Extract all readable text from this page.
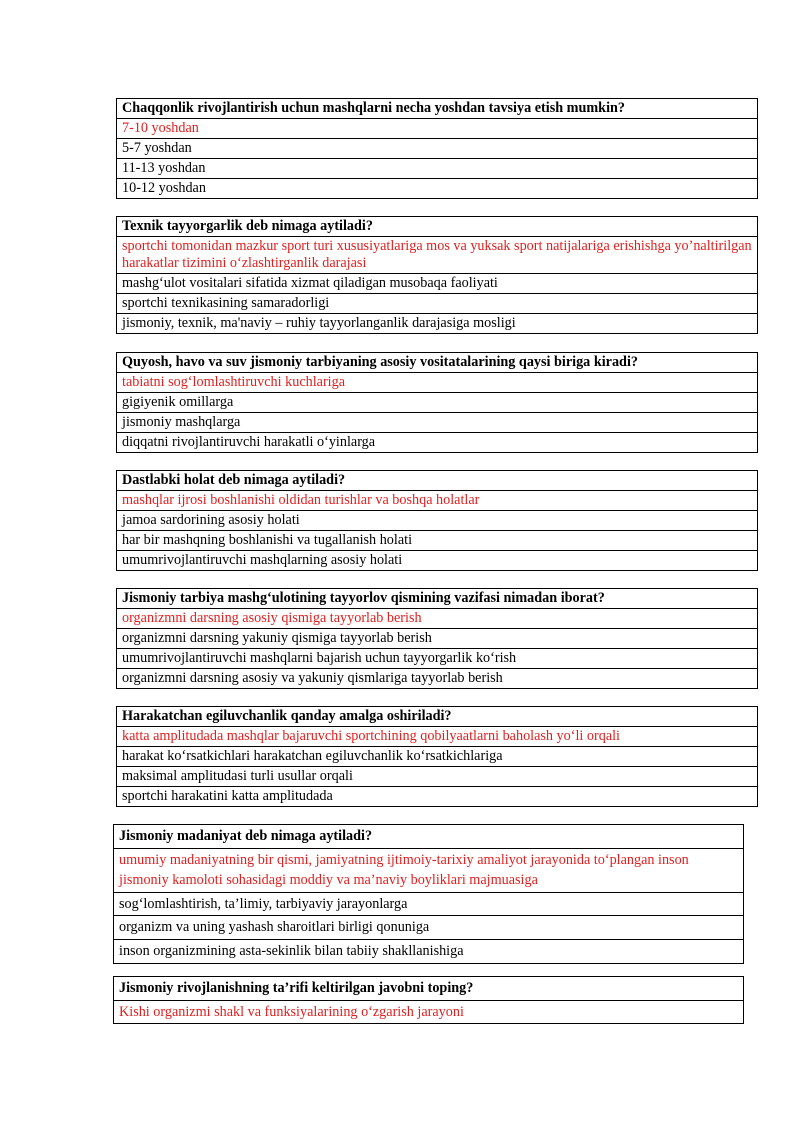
Chaqqonlik rivojlantirish uchun mashqlarni necha yoshdan tavsiya etish mumkin?
7-10 yoshdan
5-7 yoshdan
11-13 yoshdan
10-12 yoshdan
Texnik tayyorgarlik deb nimaga aytiladi?
sportchi tomonidan mazkur sport turi xususiyatlariga mos va yuksak sport natijalariga erishishga yo’naltirilgan harakatlar tizimini o‘zlashtirganlik darajasi
mashg‘ulot vositalari sifatida xizmat qiladigan musobaqa faoliyati
sportchi texnikasining samaradorligi
jismoniy, texnik, ma'naviy – ruhiy tayyorlanganlik darajasiga mosligi
Quyosh, havo va suv jismoniy tarbiyaning asosiy vositatalarining qaysi biriga kiradi?
tabiatni sog‘lomlashtiruvchi kuchlariga
gigiyenik omillarga
jismoniy mashqlarga
diqqatni rivojlantiruvchi harakatli o‘yinlarga
Dastlabki holat deb nimaga aytiladi?
mashqlar ijrosi boshlanishi oldidan turishlar va boshqa holatlar
jamoa sardorining asosiy holati
har bir mashqning boshlanishi va tugallanish holati
umumrivojlantiruvchi mashqlarning asosiy holati
Jismoniy tarbiya mashg‘ulotining tayyorlov qismining vazifasi nimadan iborat?
organizmni darsning asosiy qismiga tayyorlab berish
organizmni darsning yakuniy qismiga tayyorlab berish
umumrivojlantiruvchi mashqlarni bajarish uchun tayyorgarlik ko‘rish
organizmni darsning asosiy va yakuniy qismlariga tayyorlab berish
Harakatchan egiluvchanlik qanday amalga oshiriladi?
katta amplitudada mashqlar bajaruvchi sportchining qobilyaatlarni baholash yo‘li orqali
harakat ko‘rsatkichlari harakatchan egiluvchanlik ko‘rsatkichlariga
maksimal amplitudasi turli usullar orqali
sportchi harakatini katta amplitudada
Jismoniy madaniyat deb nimaga aytiladi?
umumiy madaniyatning bir qismi, jamiyatning ijtimoiy-tarixiy amaliyot jarayonida to‘plangan inson jismoniy kamoloti sohasidagi moddiy va ma’naviy boyliklari majmuasiga
sog‘lomlashtirish, ta’limiy, tarbiyaviy jarayonlarga
organizm va uning yashash sharoitlari birligi qonuniga
inson organizmining asta-sekinlik bilan tabiiy shakllanishiga
Jismoniy rivojlanishning ta’rifi keltirilgan javobni toping?
Kishi organizmi shakl va funksiyalarining o‘zgarish jarayoni
